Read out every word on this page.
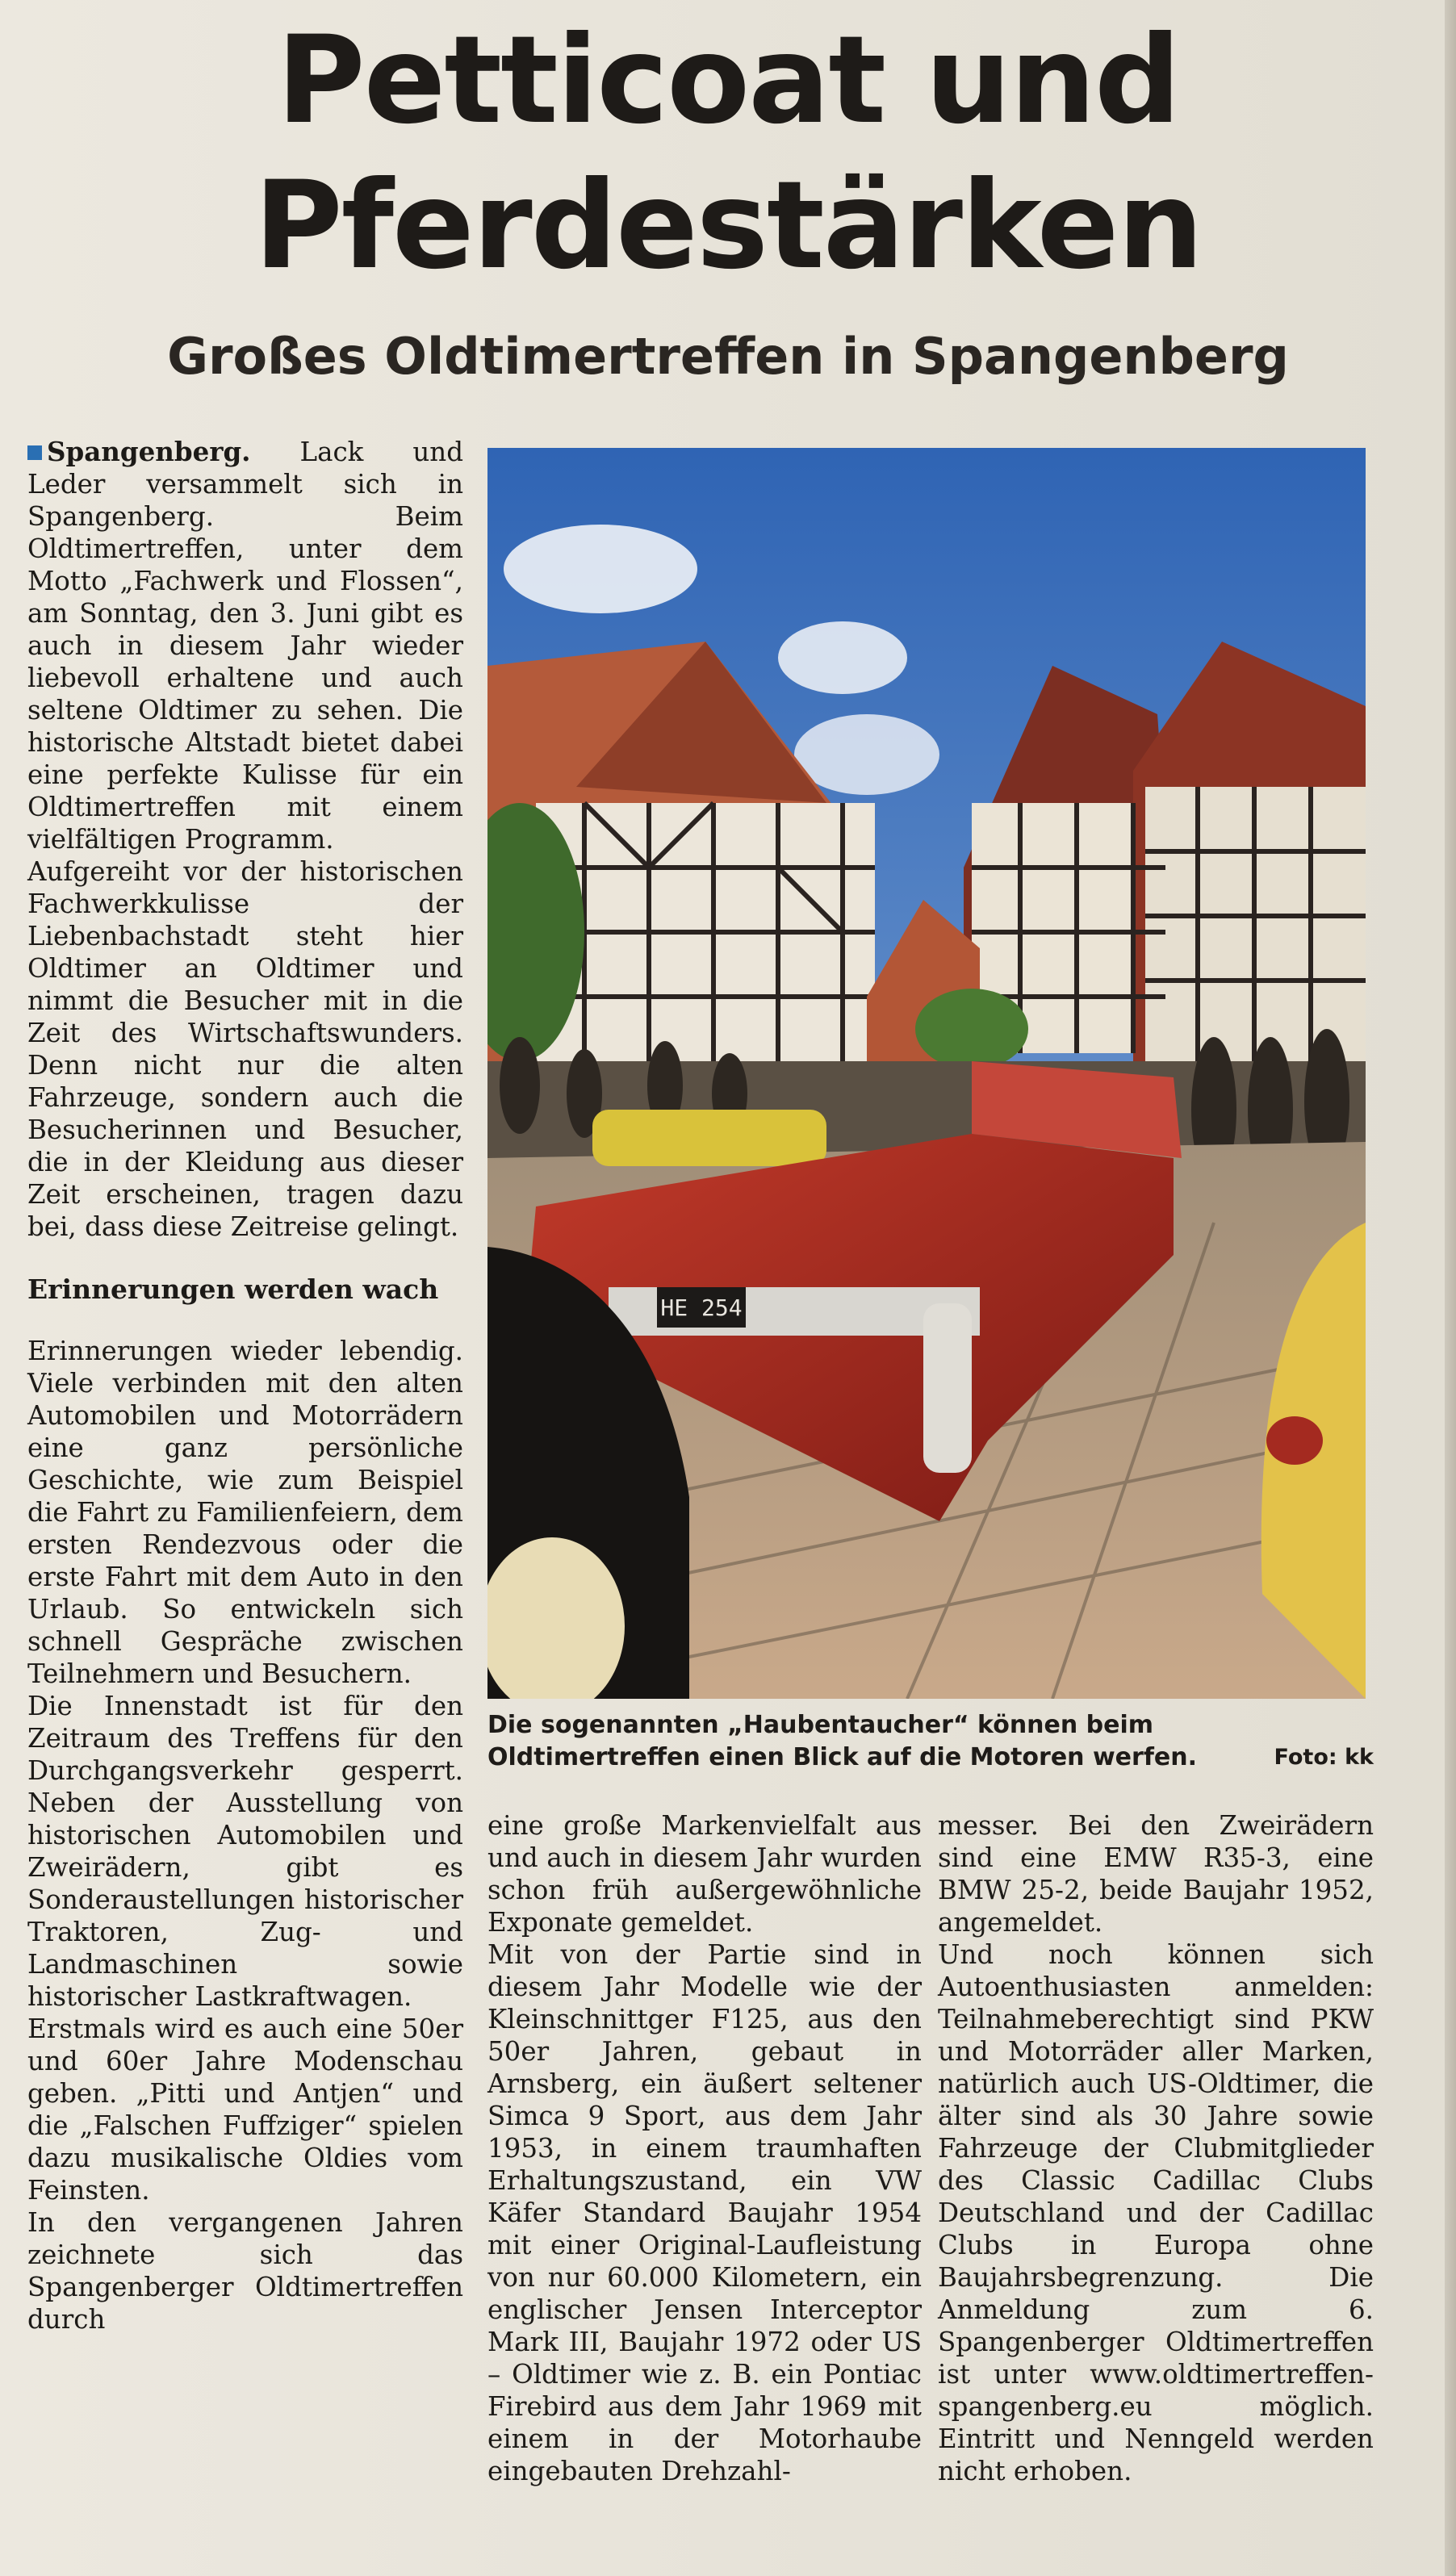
Petticoat und
Pferdestärken
Großes Oldtimertreffen in Spangenberg

Spangenberg. Lack und Leder versammelt sich in Spangenberg. Beim Oldtimertreffen, unter dem Motto „Fachwerk und Flossen“, am Sonntag, den 3. Juni gibt es auch in diesem Jahr wieder liebevoll erhaltene und auch seltene Oldtimer zu sehen. Die historische Altstadt bietet dabei eine perfekte Kulisse für ein Oldtimertreffen mit einem vielfältigen Programm.

Aufgereiht vor der historischen Fachwerkkulisse der Liebenbachstadt steht hier Oldtimer an Oldtimer und nimmt die Besucher mit in die Zeit des Wirtschaftswunders. Denn nicht nur die alten Fahrzeuge, sondern auch die Besucherinnen und Besucher, die in der Kleidung aus dieser Zeit erscheinen, tragen dazu bei, dass diese Zeitreise gelingt.

Erinnerungen werden wach

Erinnerungen wieder lebendig. Viele verbinden mit den alten Automobilen und Motorrädern eine ganz persönliche Geschichte, wie zum Beispiel die Fahrt zu Familienfeiern, dem ersten Rendezvous oder die erste Fahrt mit dem Auto in den Urlaub. So entwickeln sich schnell Gespräche zwischen Teilnehmern und Besuchern.

Die Innenstadt ist für den Zeitraum des Treffens für den Durchgangsverkehr gesperrt. Neben der Ausstellung von historischen Automobilen und Zweirädern, gibt es Sonderaustellungen historischer Traktoren, Zug- und Landmaschinen sowie historischer Lastkraftwagen.

Erstmals wird es auch eine 50er und 60er Jahre Modenschau geben. „Pitti und Antjen“ und die „Falschen Fuffziger“ spielen dazu musikalische Oldies vom Feinsten.

In den vergangenen Jahren zeichnete sich das Spangenberger Oldtimertreffen durch

HE 254
Die sogenannten „Haubentaucher“ können beim Oldtimertreffen einen Blick auf die Motoren werfen.	Foto: kk

eine große Markenvielfalt aus und auch in diesem Jahr wurden schon früh außergewöhnliche Exponate gemeldet.

Mit von der Partie sind in diesem Jahr Modelle wie der Kleinschnittger F125, aus den 50er Jahren, gebaut in Arnsberg, ein äußert seltener Simca 9 Sport, aus dem Jahr 1953, in einem traumhaften Erhaltungszustand, ein VW Käfer Standard Baujahr 1954 mit einer Original-Laufleistung von nur 60.000 Kilometern, ein englischer Jensen Interceptor Mark III, Baujahr 1972 oder US – Oldtimer wie z. B. ein Pontiac Firebird aus dem Jahr 1969 mit einem in der Motorhaube eingebauten Drehzahl-

messer. Bei den Zweirädern sind eine EMW R35-3, eine BMW 25-2, beide Baujahr 1952, angemeldet.

Und noch können sich Autoenthusiasten anmelden: Teilnahmeberechtigt sind PKW und Motorräder aller Marken, natürlich auch US-Oldtimer, die älter sind als 30 Jahre sowie Fahrzeuge der Clubmitglieder des Classic Cadillac Clubs Deutschland und der Cadillac Clubs in Europa ohne Baujahrsbegrenzung. Die Anmeldung zum 6. Spangenberger Oldtimertreffen ist unter www.oldtimertreffen-spangenberg.eu möglich. Eintritt und Nenngeld werden nicht erhoben.
